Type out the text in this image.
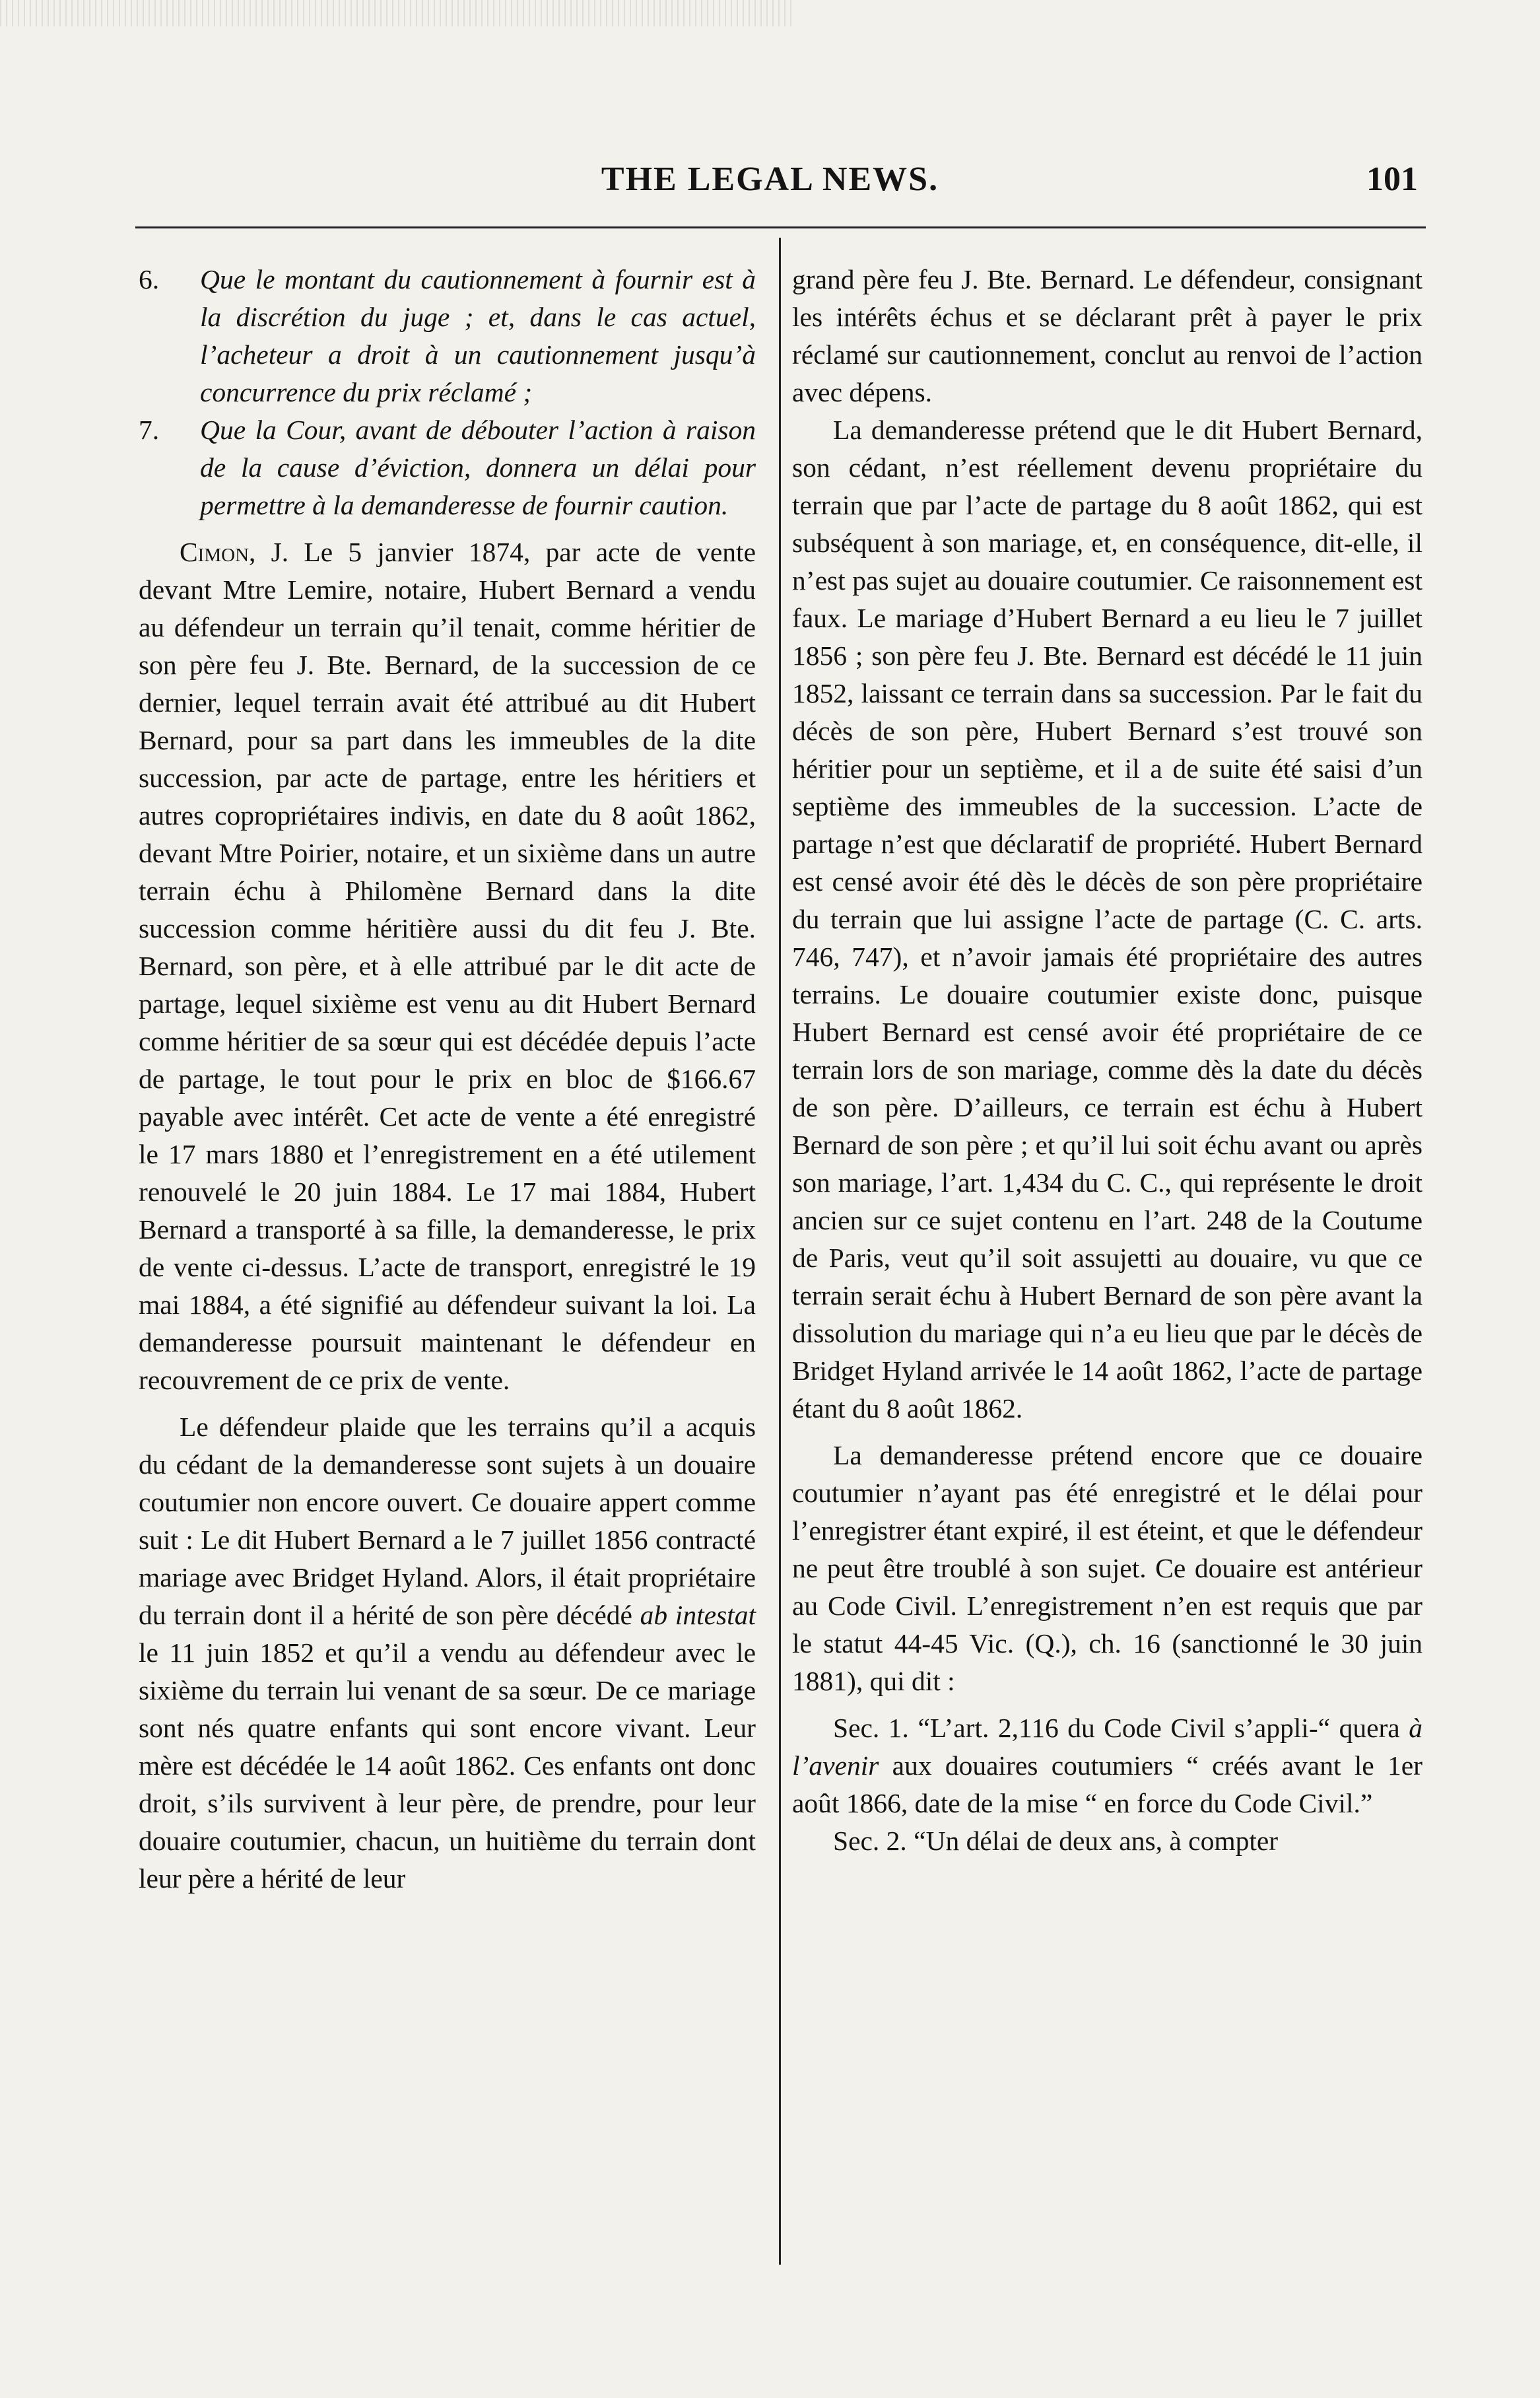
THE LEGAL NEWS.	101

6. Que le montant du cautionnement à fournir est à la discrétion du juge ; et, dans le cas actuel, l’acheteur a droit à un cautionnement jusqu’à concurrence du prix réclamé ;

7. Que la Cour, avant de débouter l’action à raison de la cause d’éviction, donnera un délai pour permettre à la demanderesse de fournir caution.

Cimon, J. Le 5 janvier 1874, par acte de vente devant Mtre Lemire, notaire, Hubert Bernard a vendu au défendeur un terrain qu’il tenait, comme héritier de son père feu J. Bte. Bernard, de la succession de ce dernier, lequel terrain avait été attribué au dit Hubert Bernard, pour sa part dans les immeubles de la dite succession, par acte de partage, entre les héritiers et autres copropriétaires indivis, en date du 8 août 1862, devant Mtre Poirier, notaire, et un sixième dans un autre terrain échu à Philomène Bernard dans la dite succession comme héritière aussi du dit feu J. Bte. Bernard, son père, et à elle attribué par le dit acte de partage, lequel sixième est venu au dit Hubert Bernard comme héritier de sa sœur qui est décédée depuis l’acte de partage, le tout pour le prix en bloc de $166.67 payable avec intérêt. Cet acte de vente a été enregistré le 17 mars 1880 et l’enregistrement en a été utilement renouvelé le 20 juin 1884. Le 17 mai 1884, Hubert Bernard a transporté à sa fille, la demanderesse, le prix de vente ci-dessus. L’acte de transport, enregistré le 19 mai 1884, a été signifié au défendeur suivant la loi. La demanderesse poursuit maintenant le défendeur en recouvrement de ce prix de vente.

Le défendeur plaide que les terrains qu’il a acquis du cédant de la demanderesse sont sujets à un douaire coutumier non encore ouvert. Ce douaire appert comme suit : Le dit Hubert Bernard a le 7 juillet 1856 contracté mariage avec Bridget Hyland. Alors, il était propriétaire du terrain dont il a hérité de son père décédé ab intestat le 11 juin 1852 et qu’il a vendu au défendeur avec le sixième du terrain lui venant de sa sœur. De ce mariage sont nés quatre enfants qui sont encore vivant. Leur mère est décédée le 14 août 1862. Ces enfants ont donc droit, s’ils survivent à leur père, de prendre, pour leur douaire coutumier, chacun, un huitième du terrain dont leur père a hérité de leur

grand père feu J. Bte. Bernard. Le défendeur, consignant les intérêts échus et se déclarant prêt à payer le prix réclamé sur cautionnement, conclut au renvoi de l’action avec dépens.

La demanderesse prétend que le dit Hubert Bernard, son cédant, n’est réellement devenu propriétaire du terrain que par l’acte de partage du 8 août 1862, qui est subséquent à son mariage, et, en conséquence, dit-elle, il n’est pas sujet au douaire coutumier. Ce raisonnement est faux. Le mariage d’Hubert Bernard a eu lieu le 7 juillet 1856 ; son père feu J. Bte. Bernard est décédé le 11 juin 1852, laissant ce terrain dans sa succession. Par le fait du décès de son père, Hubert Bernard s’est trouvé son héritier pour un septième, et il a de suite été saisi d’un septième des immeubles de la succession. L’acte de partage n’est que déclaratif de propriété. Hubert Bernard est censé avoir été dès le décès de son père propriétaire du terrain que lui assigne l’acte de partage (C. C. arts. 746, 747), et n’avoir jamais été propriétaire des autres terrains. Le douaire coutumier existe donc, puisque Hubert Bernard est censé avoir été propriétaire de ce terrain lors de son mariage, comme dès la date du décès de son père. D’ailleurs, ce terrain est échu à Hubert Bernard de son père ; et qu’il lui soit échu avant ou après son mariage, l’art. 1,434 du C. C., qui représente le droit ancien sur ce sujet contenu en l’art. 248 de la Coutume de Paris, veut qu’il soit assujetti au douaire, vu que ce terrain serait échu à Hubert Bernard de son père avant la dissolution du mariage qui n’a eu lieu que par le décès de Bridget Hyland arrivée le 14 août 1862, l’acte de partage étant du 8 août 1862.

La demanderesse prétend encore que ce douaire coutumier n’ayant pas été enregistré et le délai pour l’enregistrer étant expiré, il est éteint, et que le défendeur ne peut être troublé à son sujet. Ce douaire est antérieur au Code Civil. L’enregistrement n’en est requis que par le statut 44-45 Vic. (Q.), ch. 16 (sanctionné le 30 juin 1881), qui dit :

Sec. 1. “L’art. 2,116 du Code Civil s’appli-“ quera à l’avenir aux douaires coutumiers “ créés avant le 1er août 1866, date de la mise “ en force du Code Civil.”

Sec. 2. “Un délai de deux ans, à compter
